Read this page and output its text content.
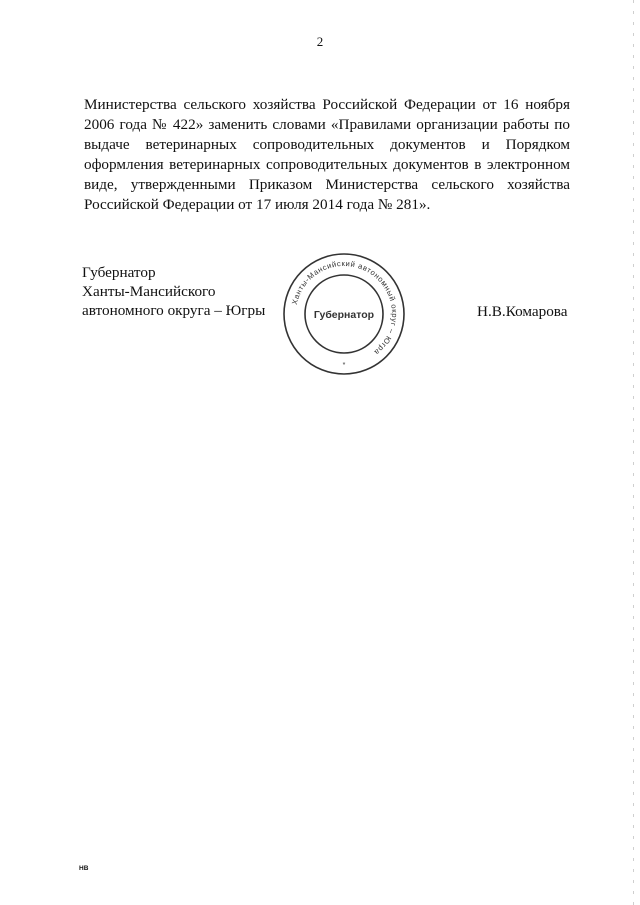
2

Министерства сельского хозяйства Российской Федерации от 16 ноября 2006 года № 422» заменить словами «Правилами организации работы по выдаче ветеринарных сопроводительных документов и Порядком оформления ветеринарных сопроводительных документов в электронном виде, утвержденными Приказом Министерства сельского хозяйства Российской Федерации от 17 июля 2014 года № 281».

Губернатор
Ханты-Мансийского
автономного округа – Югры
Ханты-Мансийский автономный округ – Югра
Губернатор
*
Н.В.Комарова
НВ
